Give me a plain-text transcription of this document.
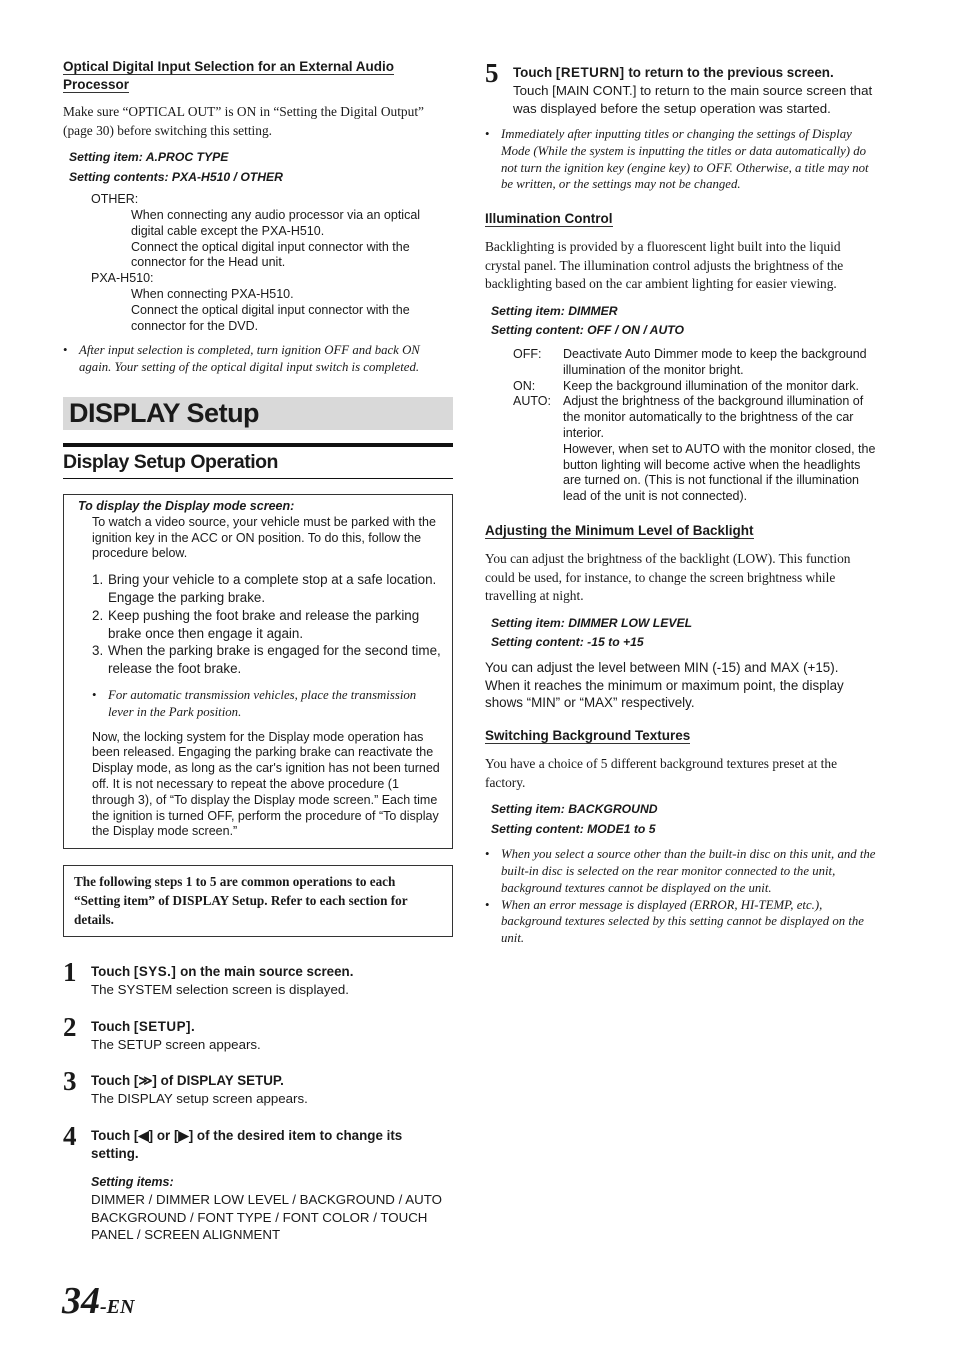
Optical Digital Input Selection for an External Audio Processor

Make sure “OPTICAL OUT” is ON in “Setting the Digital Output” (page 30) before switching this setting.

Setting item: A.PROC TYPE
Setting contents: PXA-H510 / OTHER
OTHER:
When connecting any audio processor via an optical digital cable except the PXA-H510.
Connect the optical digital input connector with the connector for the Head unit.
PXA-H510:
When connecting PXA-H510.
Connect the optical digital input connector with the connector for the DVD.

• After input selection is completed, turn ignition OFF and back ON again. Your setting of the optical digital input switch is completed.

DISPLAY Setup
Display Setup Operation
To display the Display mode screen:
To watch a video source, your vehicle must be parked with the ignition key in the ACC or ON position. To do this, follow the procedure below.
1. Bring your vehicle to a complete stop at a safe location. Engage the parking brake.
2. Keep pushing the foot brake and release the parking brake once then engage it again.
3. When the parking brake is engaged for the second time, release the foot brake.

• For automatic transmission vehicles, place the transmission lever in the Park position.

Now, the locking system for the Display mode operation has been released. Engaging the parking brake can reactivate the Display mode, as long as the car's ignition has not been turned off. It is not necessary to repeat the above procedure (1 through 3), of “To display the Display mode screen.” Each time the ignition is turned OFF, perform the procedure of “To display the Display mode screen.”
The following steps 1 to 5 are common operations to each “Setting item” of DISPLAY Setup. Refer to each section for details.
1 Touch [SYS.] on the main source screen.
The SYSTEM selection screen is displayed.
2 Touch [SETUP].
The SETUP screen appears.
3 Touch [≫] of DISPLAY SETUP.
The DISPLAY setup screen appears.
4 Touch [◀] or [▶] of the desired item to change its setting.
Setting items:
DIMMER / DIMMER LOW LEVEL / BACKGROUND / AUTO BACKGROUND / FONT TYPE / FONT COLOR / TOUCH PANEL / SCREEN ALIGNMENT
5 Touch [RETURN] to return to the previous screen.
Touch [MAIN CONT.] to return to the main source screen that was displayed before the setup operation was started.

• Immediately after inputting titles or changing the settings of Display Mode (While the system is inputting the titles or data automatically) do not turn the ignition key (engine key) to OFF. Otherwise, a title may not be written, or the settings may not be changed.

Illumination Control

Backlighting is provided by a fluorescent light built into the liquid crystal panel. The illumination control adjusts the brightness of the backlighting based on the car ambient lighting for easier viewing.

Setting item: DIMMER
Setting content: OFF / ON / AUTO
OFF:	Deactivate Auto Dimmer mode to keep the background illumination of the monitor bright.
ON:	Keep the background illumination of the monitor dark.
AUTO: Adjust the brightness of the background illumination of the monitor automatically to the brightness of the car interior.
However, when set to AUTO with the monitor closed, the button lighting will become active when the headlights are turned on. (This is not functional if the illumination lead of the unit is not connected).
Adjusting the Minimum Level of Backlight

You can adjust the brightness of the backlight (LOW). This function could be used, for instance, to change the screen brightness while travelling at night.

Setting item: DIMMER LOW LEVEL
Setting content: -15 to +15
You can adjust the level between MIN (-15) and MAX (+15). When it reaches the minimum or maximum point, the display shows “MIN” or “MAX” respectively.
Switching Background Textures

You have a choice of 5 different background textures preset at the factory.

Setting item: BACKGROUND
Setting content: MODE1 to 5

• When you select a source other than the built-in disc on this unit, and the built-in disc is selected on the rear monitor connected to the unit, background textures cannot be displayed on the unit.

• When an error message is displayed (ERROR, HI-TEMP, etc.), background textures selected by this setting cannot be displayed on the unit.

34-EN
